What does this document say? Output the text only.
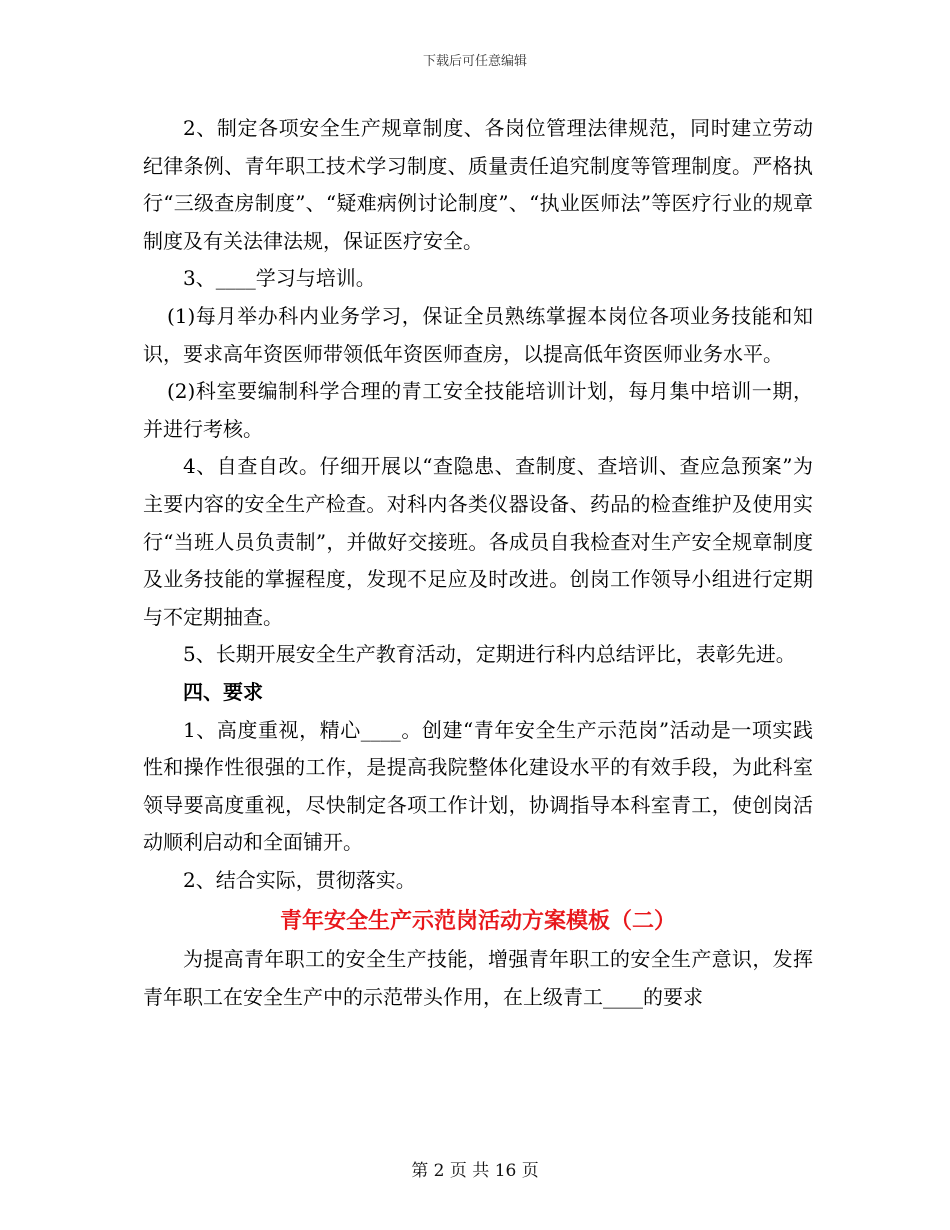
下载后可任意编辑

2、制定各项安全生产规章制度、各岗位管理法律规范，同时建立劳动纪律条例、青年职工技术学习制度、质量责任追究制度等管理制度。严格执行“三级查房制度”、“疑难病例讨论制度”、“执业医师法”等医疗行业的规章制度及有关法律法规，保证医疗安全。

3、____学习与培训。

(1)每月举办科内业务学习，保证全员熟练掌握本岗位各项业务技能和知识，要求高年资医师带领低年资医师查房，以提高低年资医师业务水平。

(2)科室要编制科学合理的青工安全技能培训计划，每月集中培训一期，并进行考核。

4、自查自改。仔细开展以“查隐患、查制度、查培训、查应急预案”为主要内容的安全生产检查。对科内各类仪器设备、药品的检查维护及使用实行“当班人员负责制”，并做好交接班。各成员自我检查对生产安全规章制度及业务技能的掌握程度，发现不足应及时改进。创岗工作领导小组进行定期与不定期抽查。

5、长期开展安全生产教育活动，定期进行科内总结评比，表彰先进。

四、要求

1、高度重视，精心____。创建“青年安全生产示范岗”活动是一项实践性和操作性很强的工作，是提高我院整体化建设水平的有效手段，为此科室领导要高度重视，尽快制定各项工作计划，协调指导本科室青工，使创岗活动顺利启动和全面铺开。

2、结合实际，贯彻落实。

青年安全生产示范岗活动方案模板（二）

为提高青年职工的安全生产技能，增强青年职工的安全生产意识，发挥青年职工在安全生产中的示范带头作用，在上级青工____的要求

第 2 页 共 16 页
